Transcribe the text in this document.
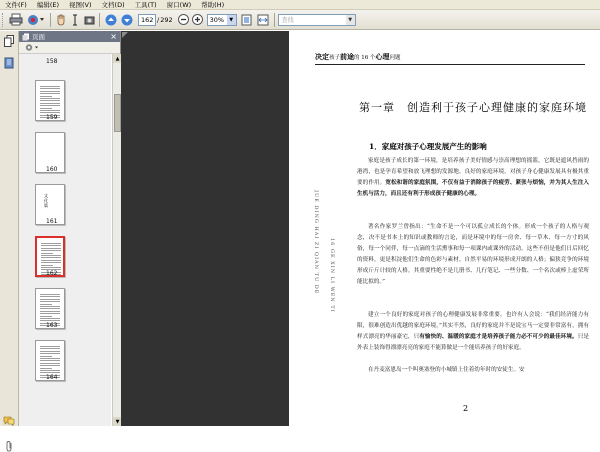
文件(F)	编辑(E)	视图(V)	文档(D)	工具(T)	窗口(W)	帮助(H)
162 / 292	30%	▼	查找	▼
页面	×
158
159
160
文 化 篇
161
162
163
164
▲
▼
决定孩子前途的 16 个心理问题
JUE DING HAI ZI QIAN TU DE 16 GE XIN LI WEN TI
第一章　创造利于孩子心理健康的家庭环境
1．家庭对孩子心理发展产生的影响
家庭是孩子成长的第一环境，是培养孩子美好情感与崇高理想的摇篮，它既是遮风挡雨的港湾，也是孕育希望和放飞理想的发源地。良好的家庭环境，对孩子身心健康发展具有极其重要的作用。宽松和谐的家庭氛围，不仅有益于消除孩子的疲劳、紧张与烦恼，并为其人生注入生机与活力，而且还有利于形成孩子健康的心理。
著名作家罗兰曾指出：“生命不是一个可以孤立成长的个体。形成一个孩子的人格与观念，决不是书本上的知识或教师的言论，而是环境中的每一房舍、每一草木、每一方寸的风俗，每一个同伴，每一点滴的生活熏事和每一项课内或课外的活动。这些不但是他们日后回忆的资料，更是积淀他们生命的色彩与素材。自然平易的环境形成开朗的人格；偏狭竞争的环境形成斤斤计较的人格。其重要性绝不是几册书、几行笔记、一些分数、一个名次或棒上虚荣所能比拟的。”
建立一个良好的家庭对孩子的心理健康发展非常重要。也许有人会说：“我们经济能力有限，很难创造出优越的家庭环境。”其实不然，良好的家庭并不是说宝马一定要非常富有，拥有样式漂亮的华丽豪宅，只有愉快的、温暖的家庭才是培养孩子能力必不可少的最佳环境。只是外表上装饰得漂漂亮亮的家庭不能算做是一个能培养孩子的好家庭。
在丹麦富恩岛一个叫奥塞登的小城镇上住着幼年时的安徒生。安
2
